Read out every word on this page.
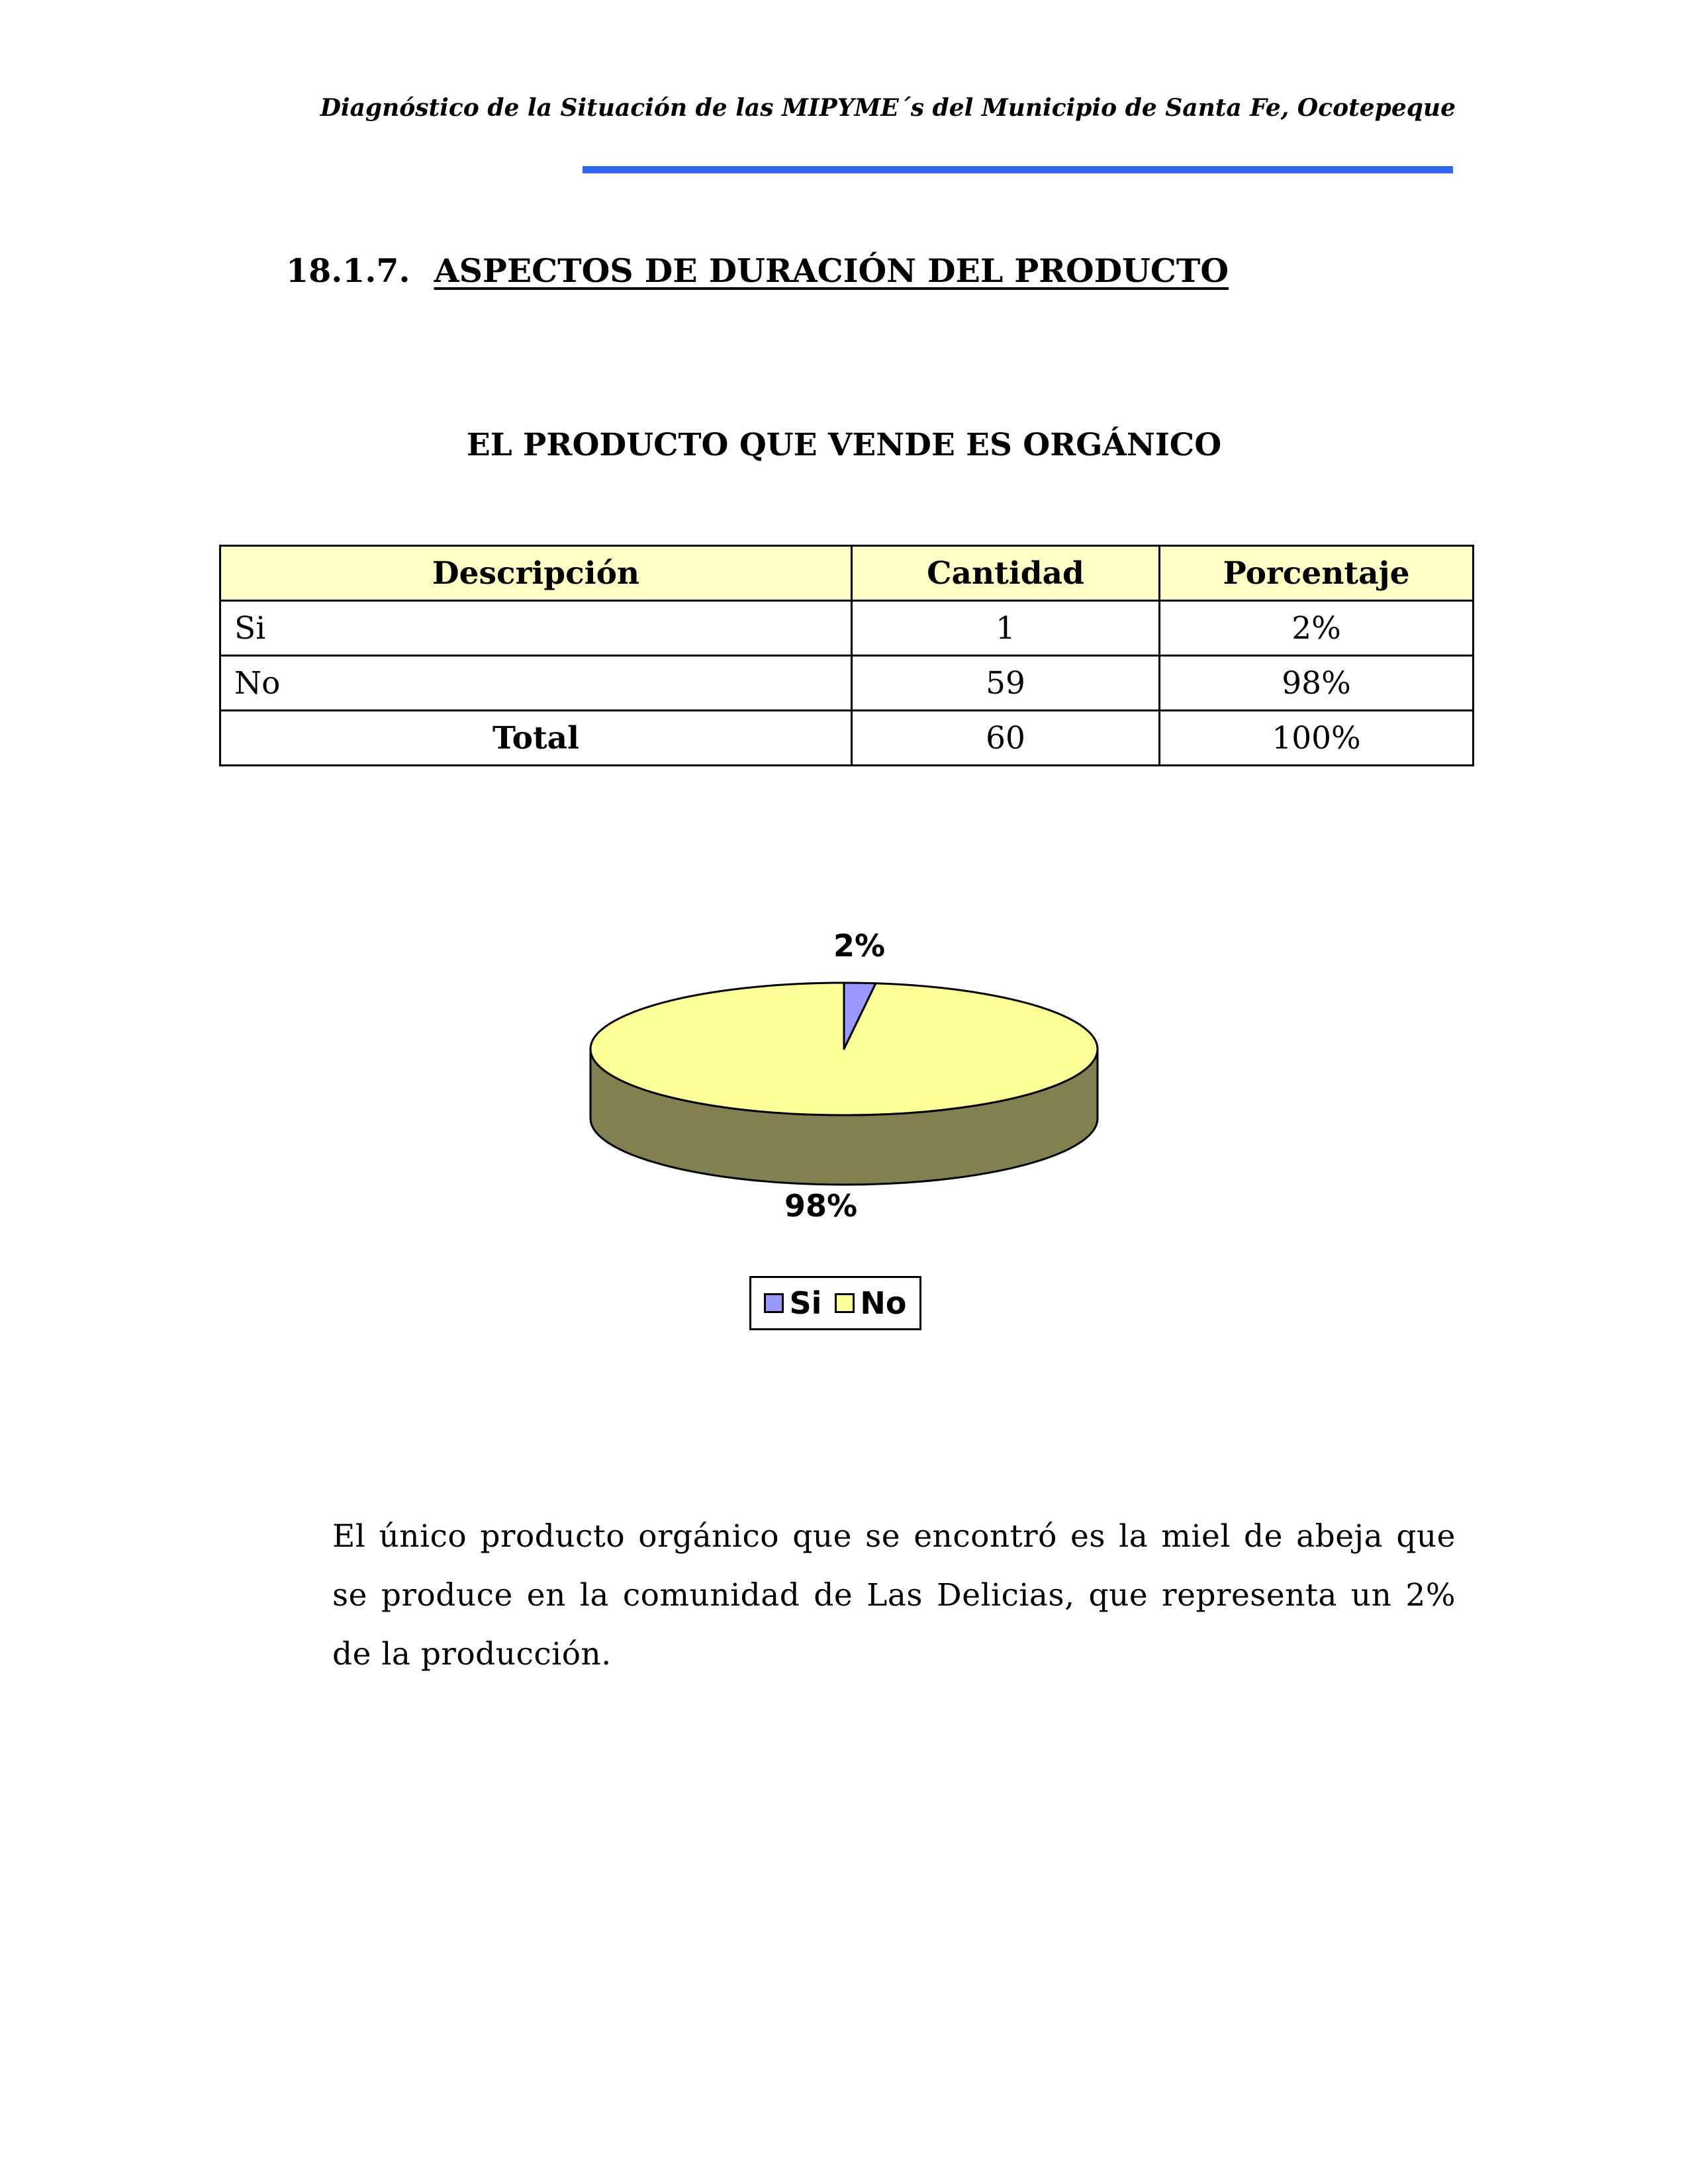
Diagnóstico de la Situación de las MIPYME´s del Municipio de Santa Fe, Ocotepeque
18.1.7. ASPECTOS DE DURACIÓN DEL PRODUCTO
EL PRODUCTO QUE VENDE ES ORGÁNICO
Descripción	Cantidad	Porcentaje
Si	1	2%
No	59	98%
Total	60	100%
2%
98%
Si No

El único producto orgánico que se encontró es la miel de abeja que se produce en la comunidad de Las Delicias, que representa un 2% de la producción.
